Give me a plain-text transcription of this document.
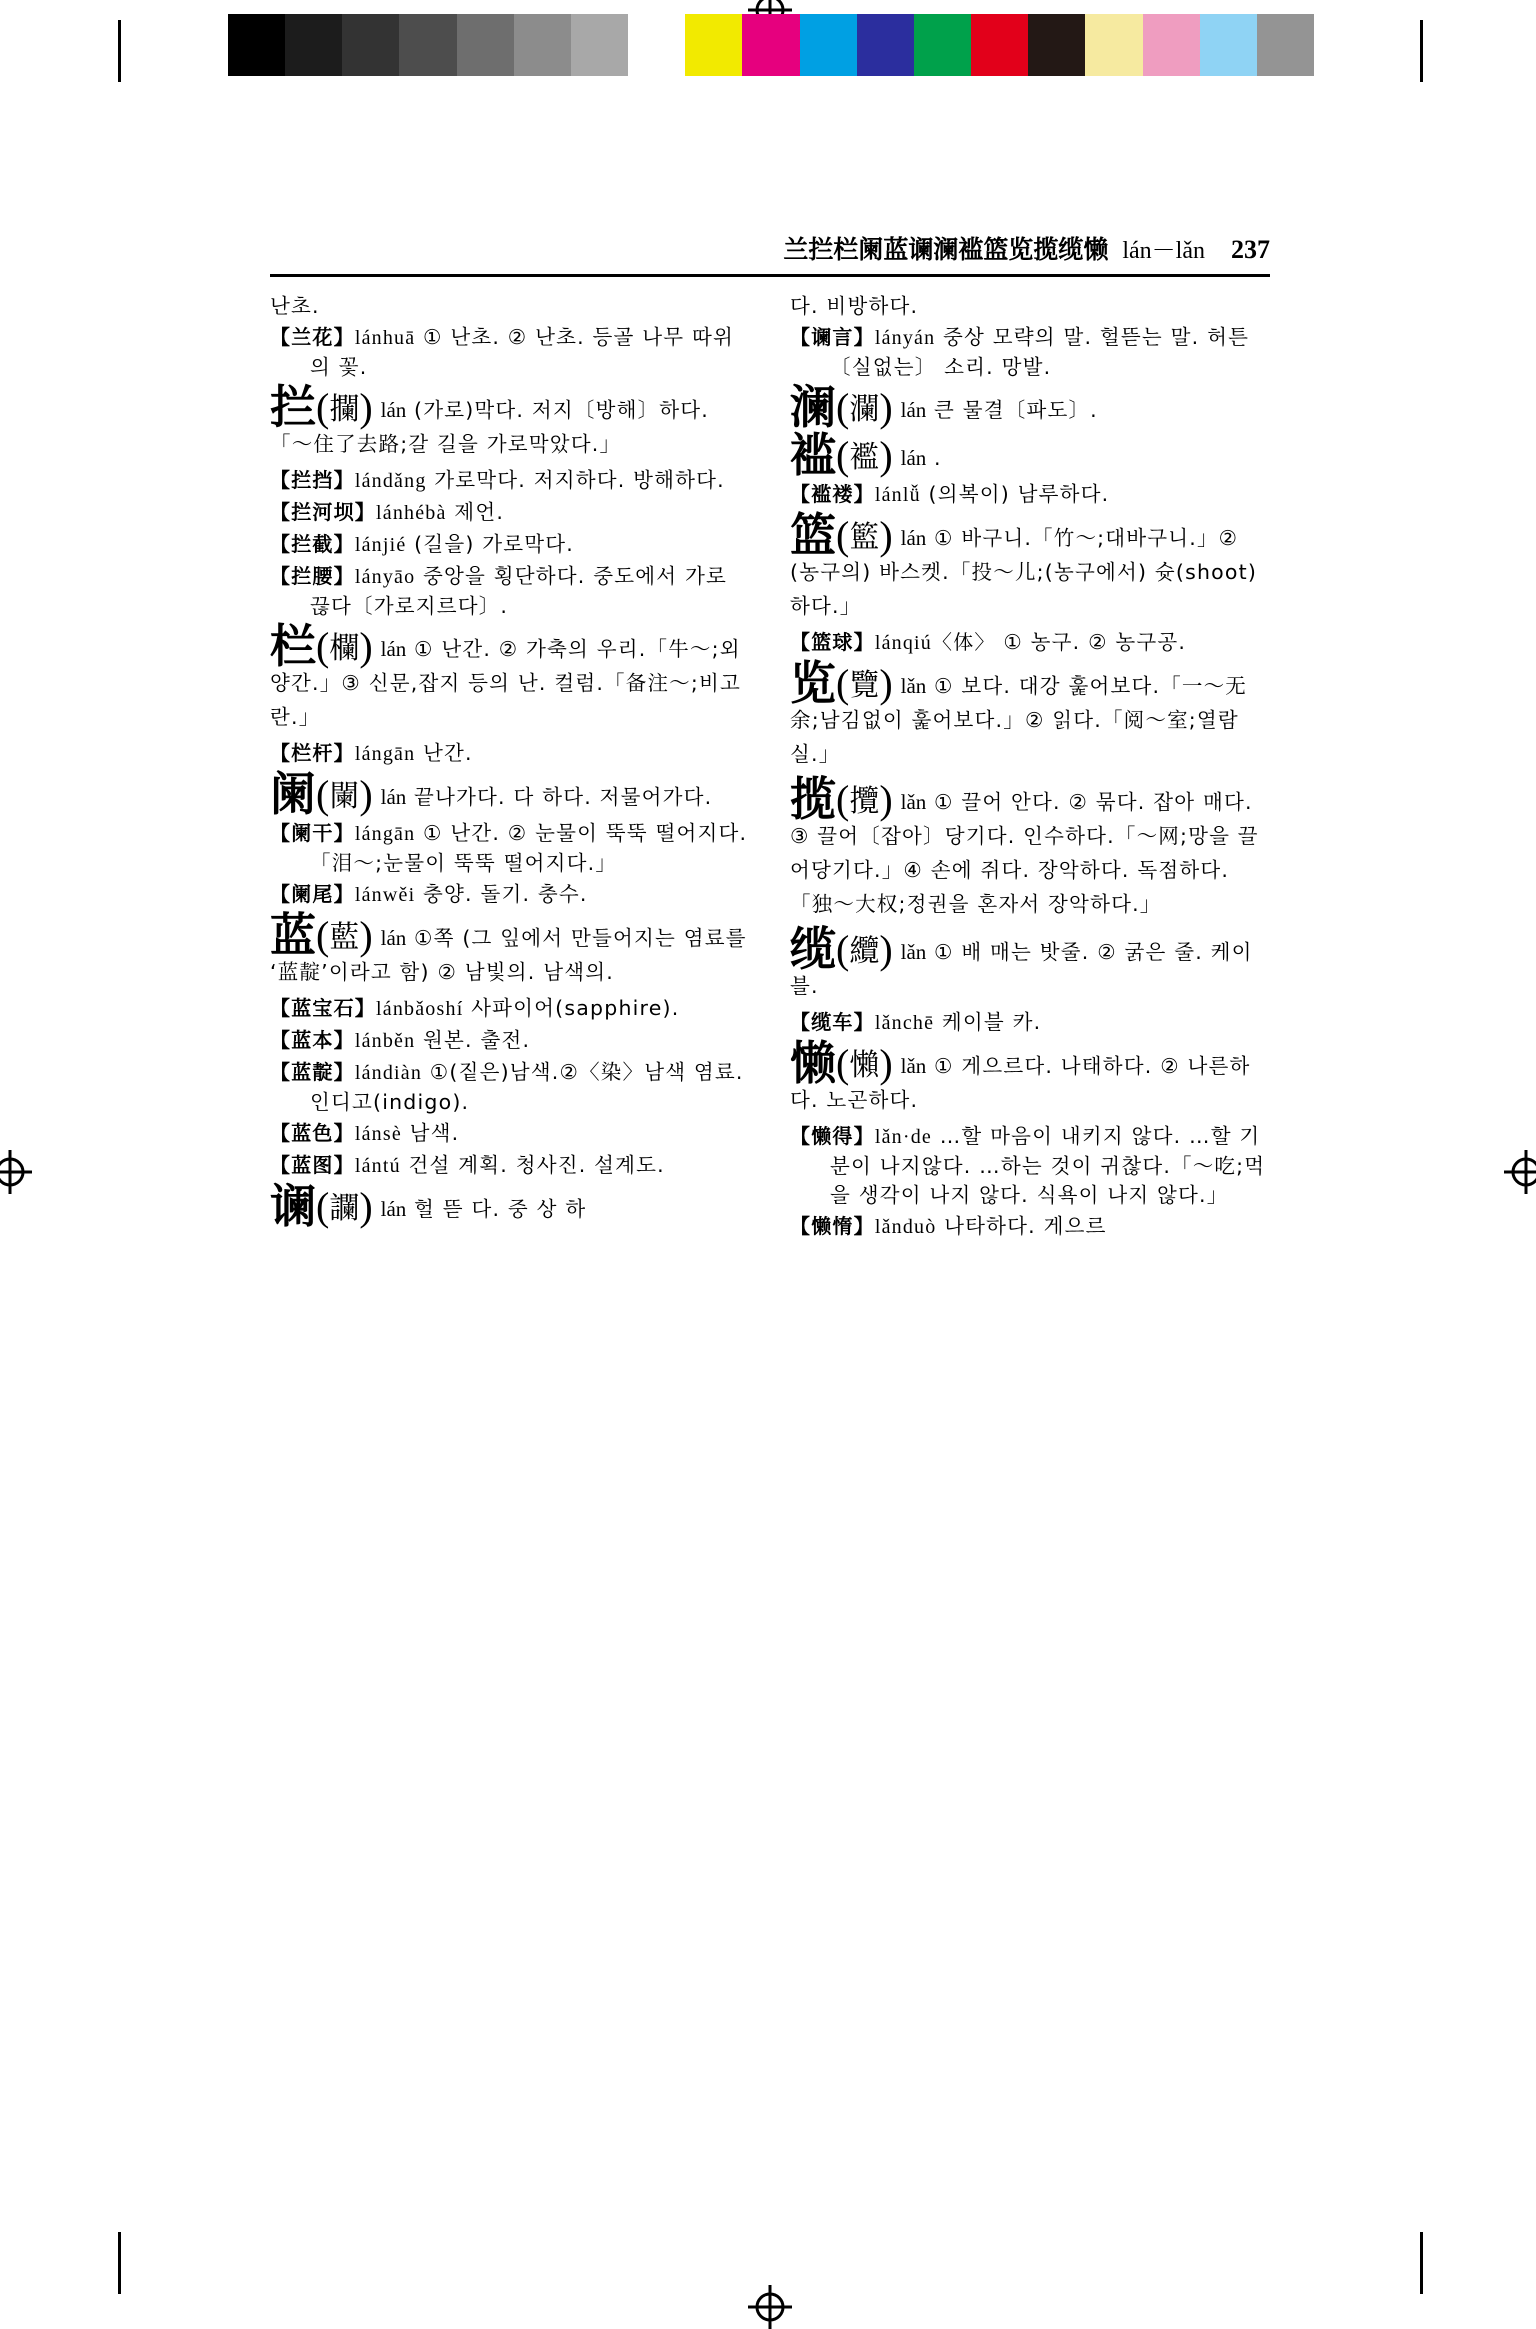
兰拦栏阑蓝谰澜褴篮览揽缆懒 lán－lǎn 237

난초.

【兰花】lánhuā ① 난초. ② 난초. 등골 나무 따위의 꽃.

拦(攔) lán (가로)막다. 저지〔방해〕하다.「～住了去路;갈 길을 가로막았다.」

【拦挡】lándǎng 가로막다. 저지하다. 방해하다.

【拦河坝】lánhébà 제언.

【拦截】lánjié (길을) 가로막다.

【拦腰】lányāo 중앙을 횡단하다. 중도에서 가로 끊다〔가로지르다〕.

栏(欄) lán ① 난간. ② 가축의 우리.「牛～;외양간.」③ 신문,잡지 등의 난. 컬럼.「备注～;비고란.」

【栏杆】lángān 난간.

阑(闌) lán 끝나가다. 다 하다. 저물어가다.

【阑干】lángān ① 난간. ② 눈물이 뚝뚝 떨어지다.「泪～;눈물이 뚝뚝 떨어지다.」

【阑尾】lánwěi 충양. 돌기. 충수.

蓝(藍) lán ①쪽 (그 잎에서 만들어지는 염료를 ‘蓝靛’이라고 함) ② 남빛의. 남색의.

【蓝宝石】lánbǎoshí 사파이어(sapphire).

【蓝本】lánběn 원본. 출전.

【蓝靛】lándiàn ①(짙은)남색.②〈染〉남색 염료. 인디고(indigo).

【蓝色】lánsè 남색.

【蓝图】lántú 건설 계획. 청사진. 설계도.

谰(讕) lán 헐 뜯 다. 중 상 하

다. 비방하다.

【谰言】lányán 중상 모략의 말. 헐뜯는 말. 허튼〔실없는〕 소리. 망발.

澜(瀾) lán 큰 물결〔파도〕.
褴(襤) lán .

【褴褛】lánlǚ (의복이) 남루하다.

篮(籃) lán ① 바구니.「竹～;대바구니.」② (농구의) 바스켓.「投～儿;(농구에서) 슛(shoot)하다.」

【篮球】lánqiú〈体〉 ① 농구. ② 농구공.

览(覽) lǎn ① 보다. 대강 훑어보다.「一～无余;남김없이 훑어보다.」② 읽다.「阅～室;열람실.」
揽(攬) lǎn ① 끌어 안다. ② 묶다. 잡아 매다. ③ 끌어〔잡아〕당기다. 인수하다.「～网;망을 끌어당기다.」④ 손에 쥐다. 장악하다. 독점하다.「独～大权;정권을 혼자서 장악하다.」
缆(纜) lǎn ① 배 매는 밧줄. ② 굵은 줄. 케이블.

【缆车】lǎnchē 케이블 카.

懒(懶) lǎn ① 게으르다. 나태하다. ② 나른하다. 노곤하다.

【懒得】lǎn·de …할 마음이 내키지 않다. …할 기분이 나지않다. …하는 것이 귀찮다.「～吃;먹을 생각이 나지 않다. 식욕이 나지 않다.」

【懒惰】lǎnduò 나타하다. 게으르
